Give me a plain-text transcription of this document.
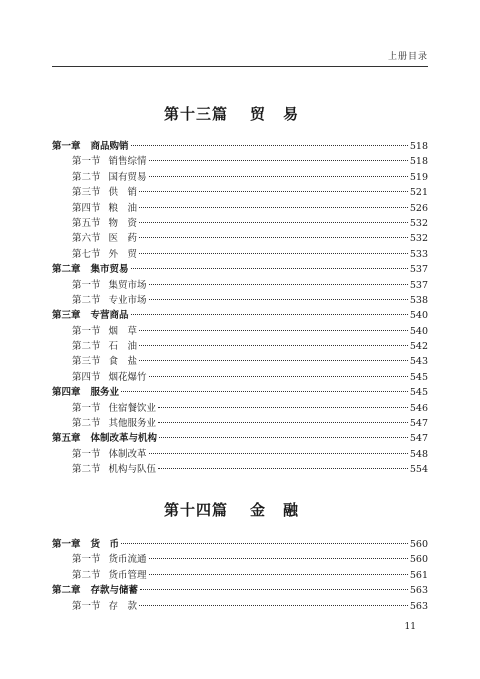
上册目录
第十三篇 贸易
第一章 商品购销	518
第一节 销售综情	518
第二节 国有贸易	519
第三节 供　销	521
第四节 粮　油	526
第五节 物　资	532
第六节 医　药	532
第七节 外　贸	533
第二章 集市贸易	537
第一节 集贸市场	537
第二节 专业市场	538
第三章 专营商品	540
第一节 烟　草	540
第二节 石　油	542
第三节 食　盐	543
第四节 烟花爆竹	545
第四章 服务业	545
第一节 住宿餐饮业	546
第二节 其他服务业	547
第五章 体制改革与机构	547
第一节 体制改革	548
第二节 机构与队伍	554
第十四篇 金融
第一章 货　币	560
第一节 货币流通	560
第二节 货币管理	561
第二章 存款与储蓄	563
第一节 存　款	563
11
